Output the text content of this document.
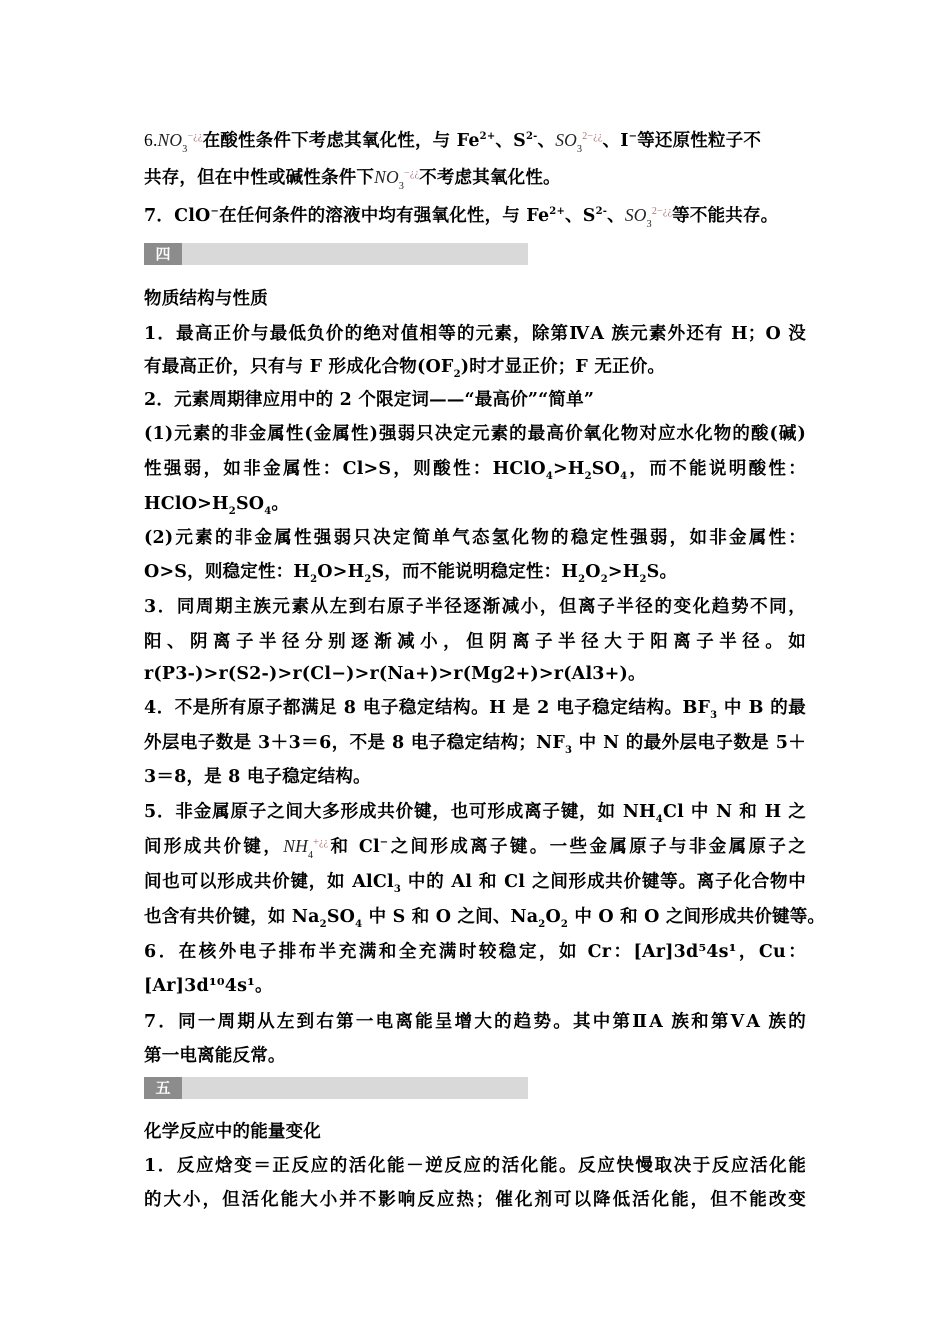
$6.NO_3^{-¿¿}$在酸性条件下考虑其氧化性，与 $Fe^{2+}$、$S^{2-}$、$SO_3^{2-¿¿}$、I−等还原性粒子不
共存，但在中性或碱性条件下$NO_3^{-¿¿}$不考虑其氧化性。
7．ClO−在任何条件的溶液中均有强氧化性，与 $Fe^{2+}$、$S^{2-}$、$SO_3^{2-¿¿}$等不能共存。
四
物质结构与性质
1．最高正价与最低负价的绝对值相等的元素，除第ⅣA 族元素外还有 H；O 没
有最高正价，只有与 F 形成化合物$(OF_2)$时才显正价；F 无正价。
2．元素周期律应用中的 2 个限定词——“最高价”“简单”
(1)元素的非金属性(金属性)强弱只决定元素的最高价氧化物对应水化物的酸(碱)
性强弱，如非金属性：Cl>S，则酸性：$HClO_4>H_2SO_4$，而不能说明酸性：
$HClO>H_2SO_4$。
(2)元素的非金属性强弱只决定简单气态氢化物的稳定性强弱，如非金属性：
O>S，则稳定性：$H_2O>H_2S$，而不能说明稳定性：$H_2O_2>H_2S$。
3．同周期主族元素从左到右原子半径逐渐减小，但离子半径的变化趋势不同，
阳、阴离子半径分别逐渐减小，但阴离子半径大于阳离子半径。如
r(P3-)>r(S2-)>r(Cl−)>r(Na+)>r(Mg2+)>r(Al3+)。
4．不是所有原子都满足 8 电子稳定结构。H 是 2 电子稳定结构。$BF_3$ 中 B 的最
外层电子数是 3＋3＝6，不是 8 电子稳定结构；$NF_3$ 中 N 的最外层电子数是 5＋
3＝8，是 8 电子稳定结构。
5．非金属原子之间大多形成共价键，也可形成离子键，如 $NH_4Cl$ 中 N 和 H 之
间形成共价键，$NH_4^{+¿¿}$和 Cl−之间形成离子键。一些金属原子与非金属原子之
间也可以形成共价键，如 AlCl$_3$ 中的 Al 和 Cl 之间形成共价键等。离子化合物中
也含有共价键，如 $Na_2SO_4$ 中 S 和 O 之间、$Na_2O_2$ 中 O 和 O 之间形成共价键等。
6．在核外电子排布半充满和全充满时较稳定，如 Cr：[Ar]3d⁵4s¹，Cu：
[Ar]3d¹⁰4s¹。
7．同一周期从左到右第一电离能呈增大的趋势。其中第ⅡA 族和第ⅤA 族的
第一电离能反常。
五
化学反应中的能量变化
1．反应焓变＝正反应的活化能－逆反应的活化能。反应快慢取决于反应活化能
的大小，但活化能大小并不影响反应热；催化剂可以降低活化能，但不能改变
